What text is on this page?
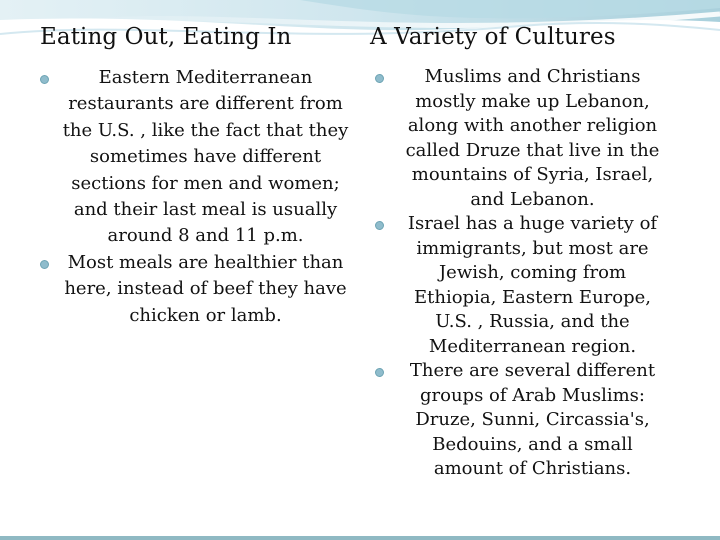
Eating Out, Eating In	A Variety of Cultures
Eastern Mediterranean restaurants are different from the U.S. , like the fact that they sometimes have different sections for men and women; and their last meal is usually around 8 and 11 p.m.
Most meals are healthier than here, instead of beef they have chicken or lamb.
Muslims and Christians mostly make up Lebanon, along with another religion called Druze that live in the mountains of Syria, Israel, and Lebanon.
Israel has a huge variety of immigrants, but most are Jewish, coming from Ethiopia, Eastern Europe, U.S. , Russia, and the Mediterranean region.
There are several different groups of Arab Muslims: Druze, Sunni, Circassia's, Bedouins, and a small amount of Christians.
